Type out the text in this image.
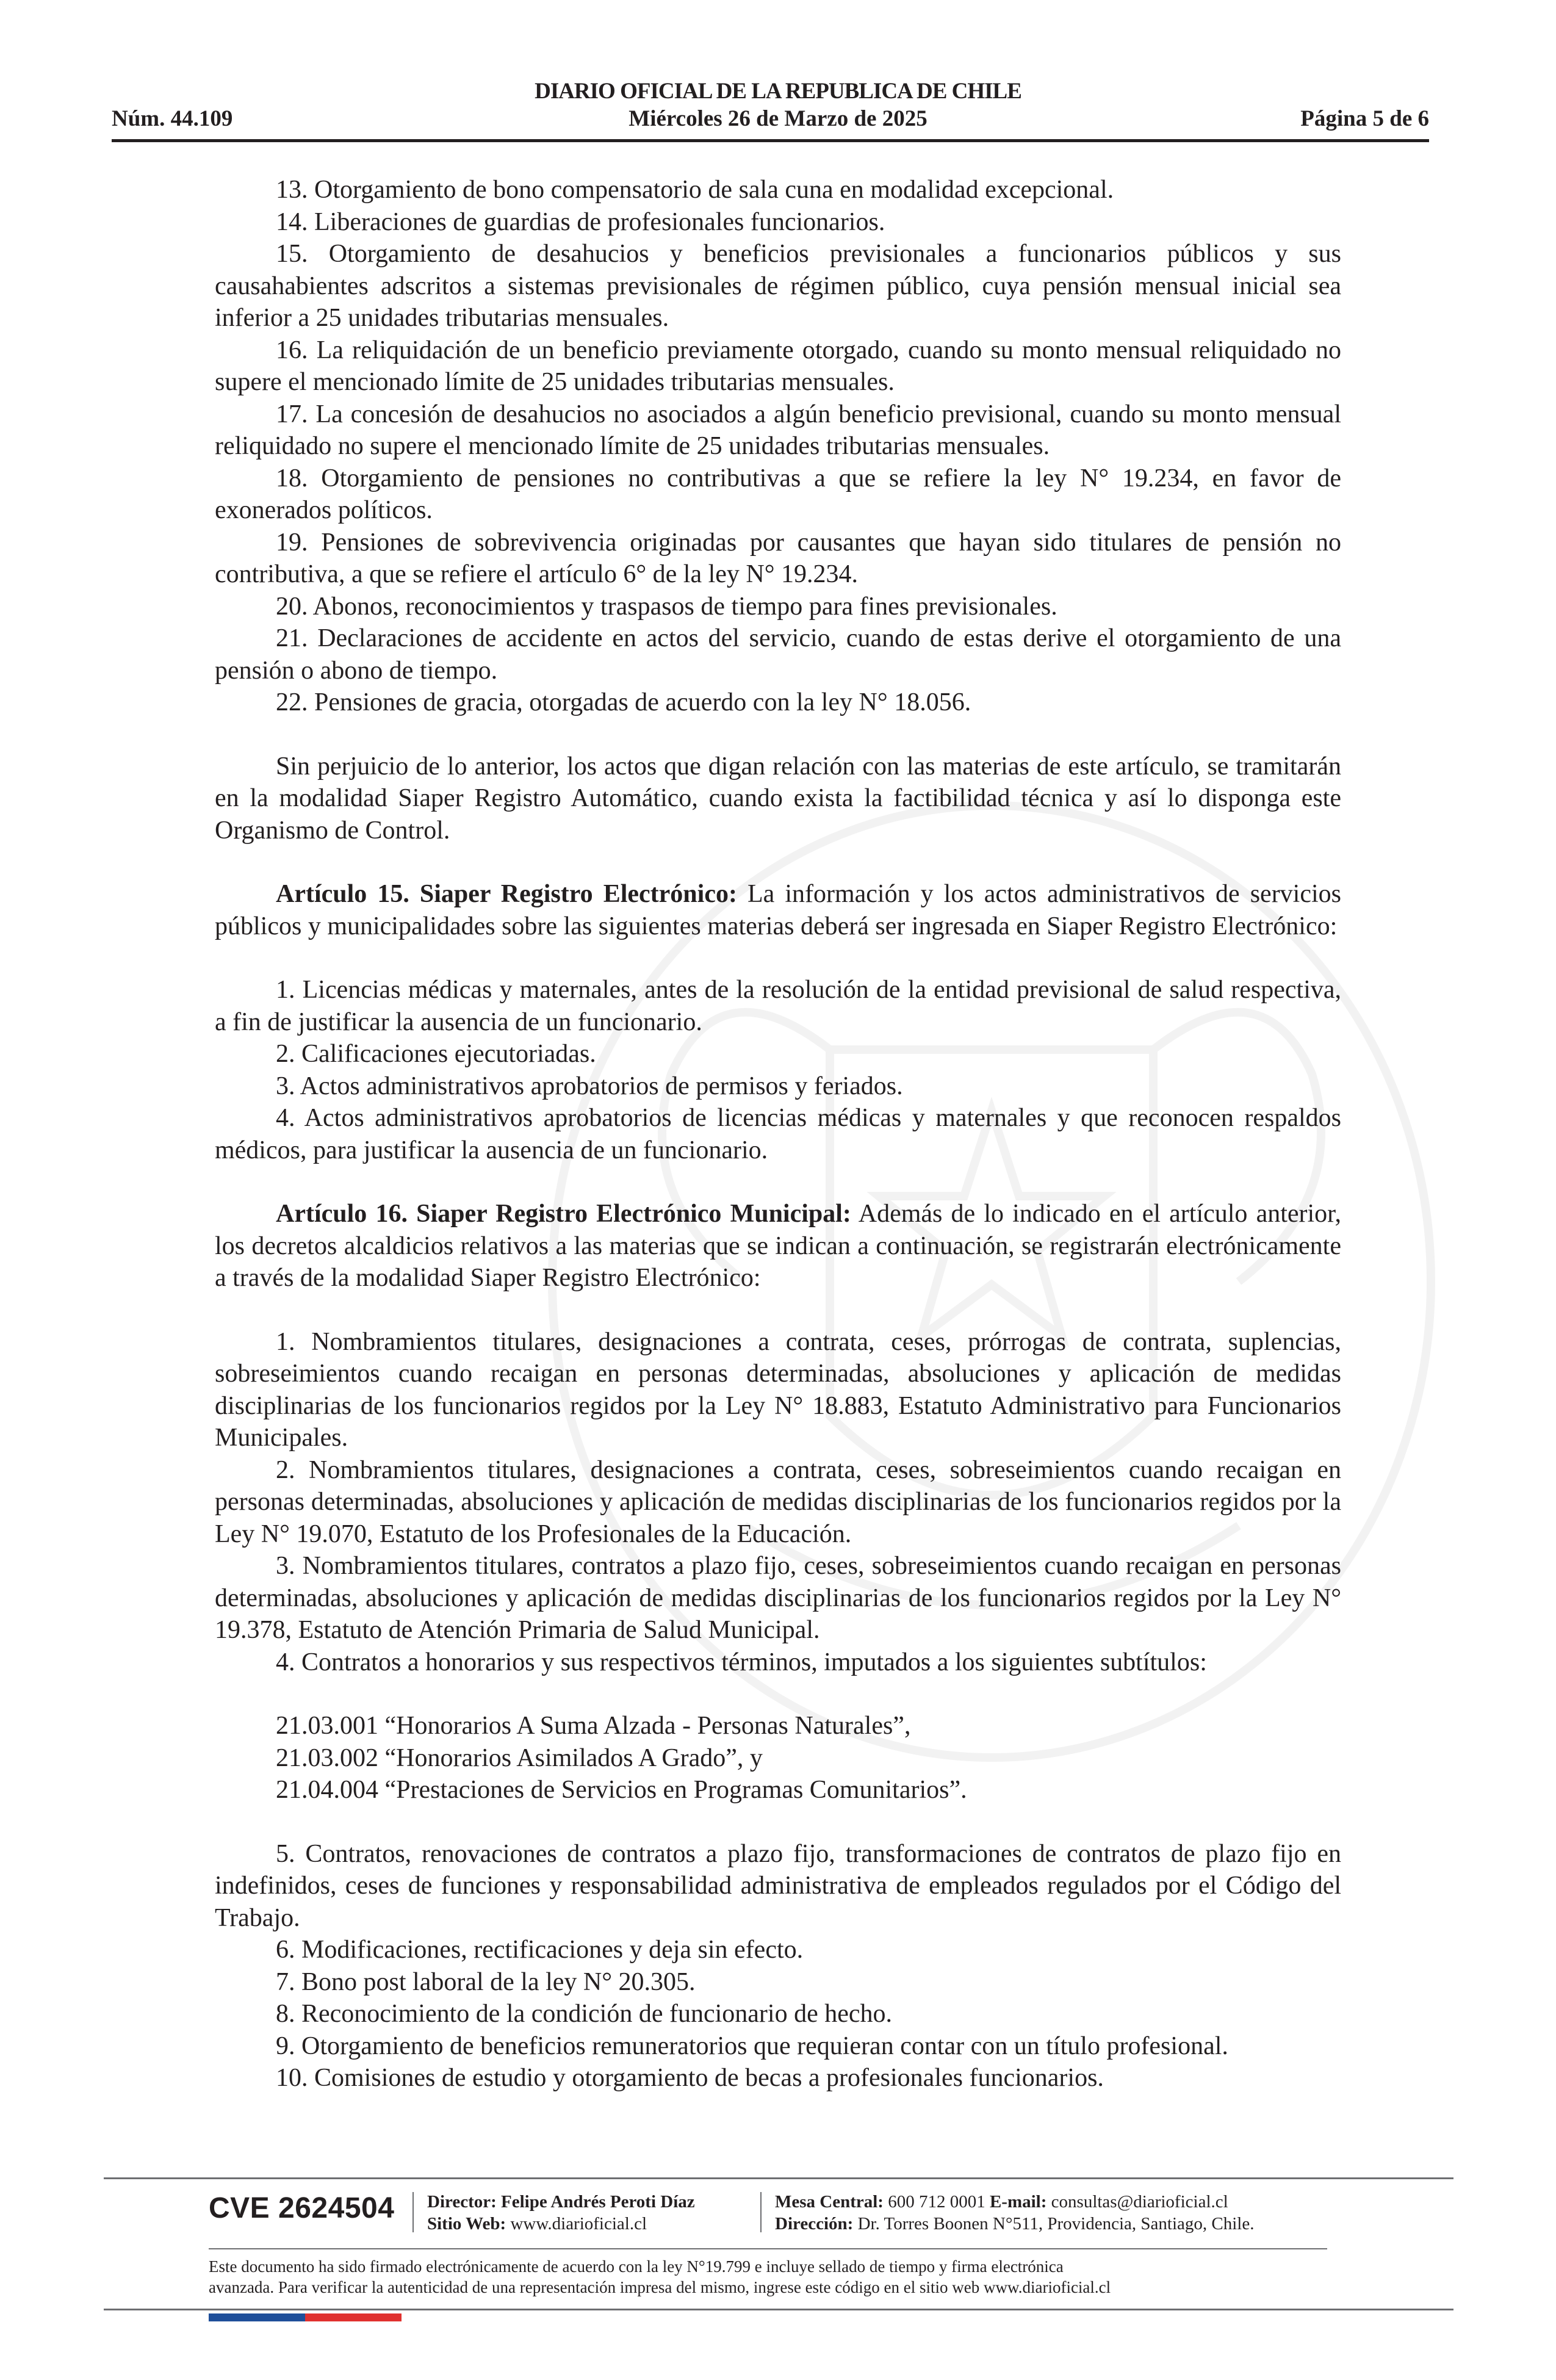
DIARIO OFICIAL DE LA REPUBLICA DE CHILE
Núm. 44.109	Miércoles 26 de Marzo de 2025	Página 5 de 6

13. Otorgamiento de bono compensatorio de sala cuna en modalidad excepcional.

14. Liberaciones de guardias de profesionales funcionarios.

15. Otorgamiento de desahucios y beneficios previsionales a funcionarios públicos y sus causahabientes adscritos a sistemas previsionales de régimen público, cuya pensión mensual inicial sea inferior a 25 unidades tributarias mensuales.

16. La reliquidación de un beneficio previamente otorgado, cuando su monto mensual reliquidado no supere el mencionado límite de 25 unidades tributarias mensuales.

17. La concesión de desahucios no asociados a algún beneficio previsional, cuando su monto mensual reliquidado no supere el mencionado límite de 25 unidades tributarias mensuales.

18. Otorgamiento de pensiones no contributivas a que se refiere la ley N° 19.234, en favor de exonerados políticos.

19. Pensiones de sobrevivencia originadas por causantes que hayan sido titulares de pensión no contributiva, a que se refiere el artículo 6° de la ley N° 19.234.

20. Abonos, reconocimientos y traspasos de tiempo para fines previsionales.

21. Declaraciones de accidente en actos del servicio, cuando de estas derive el otorgamiento de una pensión o abono de tiempo.

22. Pensiones de gracia, otorgadas de acuerdo con la ley N° 18.056.

Sin perjuicio de lo anterior, los actos que digan relación con las materias de este artículo, se tramitarán en la modalidad Siaper Registro Automático, cuando exista la factibilidad técnica y así lo disponga este Organismo de Control.

Artículo 15. Siaper Registro Electrónico: La información y los actos administrativos de servicios públicos y municipalidades sobre las siguientes materias deberá ser ingresada en Siaper Registro Electrónico:

1. Licencias médicas y maternales, antes de la resolución de la entidad previsional de salud respectiva, a fin de justificar la ausencia de un funcionario.

2. Calificaciones ejecutoriadas.

3. Actos administrativos aprobatorios de permisos y feriados.

4. Actos administrativos aprobatorios de licencias médicas y maternales y que reconocen respaldos médicos, para justificar la ausencia de un funcionario.

Artículo 16. Siaper Registro Electrónico Municipal: Además de lo indicado en el artículo anterior, los decretos alcaldicios relativos a las materias que se indican a continuación, se registrarán electrónicamente a través de la modalidad Siaper Registro Electrónico:

1. Nombramientos titulares, designaciones a contrata, ceses, prórrogas de contrata, suplencias, sobreseimientos cuando recaigan en personas determinadas, absoluciones y aplicación de medidas disciplinarias de los funcionarios regidos por la Ley N° 18.883, Estatuto Administrativo para Funcionarios Municipales.

2. Nombramientos titulares, designaciones a contrata, ceses, sobreseimientos cuando recaigan en personas determinadas, absoluciones y aplicación de medidas disciplinarias de los funcionarios regidos por la Ley N° 19.070, Estatuto de los Profesionales de la Educación.

3. Nombramientos titulares, contratos a plazo fijo, ceses, sobreseimientos cuando recaigan en personas determinadas, absoluciones y aplicación de medidas disciplinarias de los funcionarios regidos por la Ley N° 19.378, Estatuto de Atención Primaria de Salud Municipal.

4. Contratos a honorarios y sus respectivos términos, imputados a los siguientes subtítulos:

21.03.001 “Honorarios A Suma Alzada - Personas Naturales”,
21.03.002 “Honorarios Asimilados A Grado”, y
21.04.004 “Prestaciones de Servicios en Programas Comunitarios”.

5. Contratos, renovaciones de contratos a plazo fijo, transformaciones de contratos de plazo fijo en indefinidos, ceses de funciones y responsabilidad administrativa de empleados regulados por el Código del Trabajo.

6. Modificaciones, rectificaciones y deja sin efecto.

7. Bono post laboral de la ley N° 20.305.

8. Reconocimiento de la condición de funcionario de hecho.

9. Otorgamiento de beneficios remuneratorios que requieran contar con un título profesional.

10. Comisiones de estudio y otorgamiento de becas a profesionales funcionarios.

CVE 2624504 Director: Felipe Andrés Peroti Díaz
Sitio Web: www.diarioficial.cl
Mesa Central: 600 712 0001 E-mail: consultas@diarioficial.cl
Dirección: Dr. Torres Boonen N°511, Providencia, Santiago, Chile.
Este documento ha sido firmado electrónicamente de acuerdo con la ley N°19.799 e incluye sellado de tiempo y firma electrónica
avanzada. Para verificar la autenticidad de una representación impresa del mismo, ingrese este código en el sitio web www.diarioficial.cl
